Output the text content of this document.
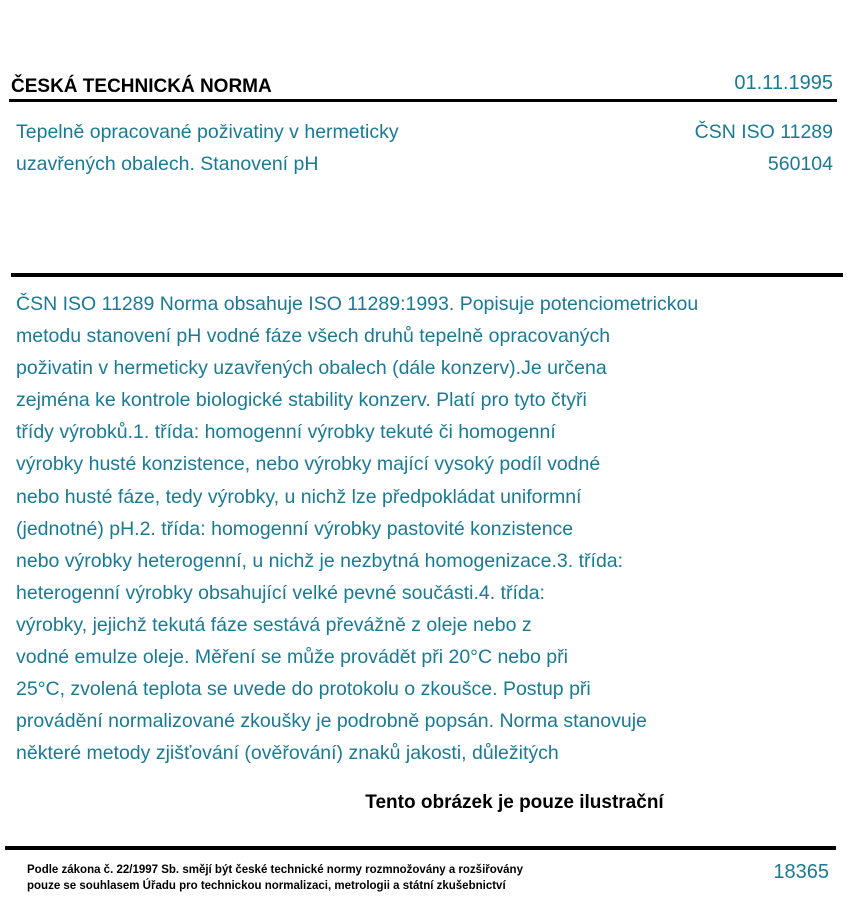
ČESKÁ TECHNICKÁ NORMA	01.11.1995
Tepelně opracované poživatiny v hermeticky
uzavřených obalech. Stanovení pH
ČSN ISO 11289
560104
ČSN ISO 11289 Norma obsahuje ISO 11289:1993. Popisuje potenciometrickou
metodu stanovení pH vodné fáze všech druhů tepelně opracovaných
poživatin v hermeticky uzavřených obalech (dále konzerv).Je určena
zejména ke kontrole biologické stability konzerv. Platí pro tyto čtyři
třídy výrobků.1. třída: homogenní výrobky tekuté či homogenní
výrobky husté konzistence, nebo výrobky mající vysoký podíl vodné
nebo husté fáze, tedy výrobky, u nichž lze předpokládat uniformní
(jednotné) pH.2. třída: homogenní výrobky pastovité konzistence
nebo výrobky heterogenní, u nichž je nezbytná homogenizace.3. třída:
heterogenní výrobky obsahující velké pevné součásti.4. třída:
výrobky, jejichž tekutá fáze sestává převážně z oleje nebo z
vodné emulze oleje. Měření se může provádět při 20°C nebo při
25°C, zvolená teplota se uvede do protokolu o zkoušce. Postup při
provádění normalizované zkoušky je podrobně popsán. Norma stanovuje
některé metody zjišťování (ověřování) znaků jakosti, důležitých
Tento obrázek je pouze ilustrační
Podle zákona č. 22/1997 Sb. smějí být české technické normy rozmnožovány a rozšiřovány
pouze se souhlasem Úřadu pro technickou normalizaci, metrologii a státní zkušebnictví
18365
